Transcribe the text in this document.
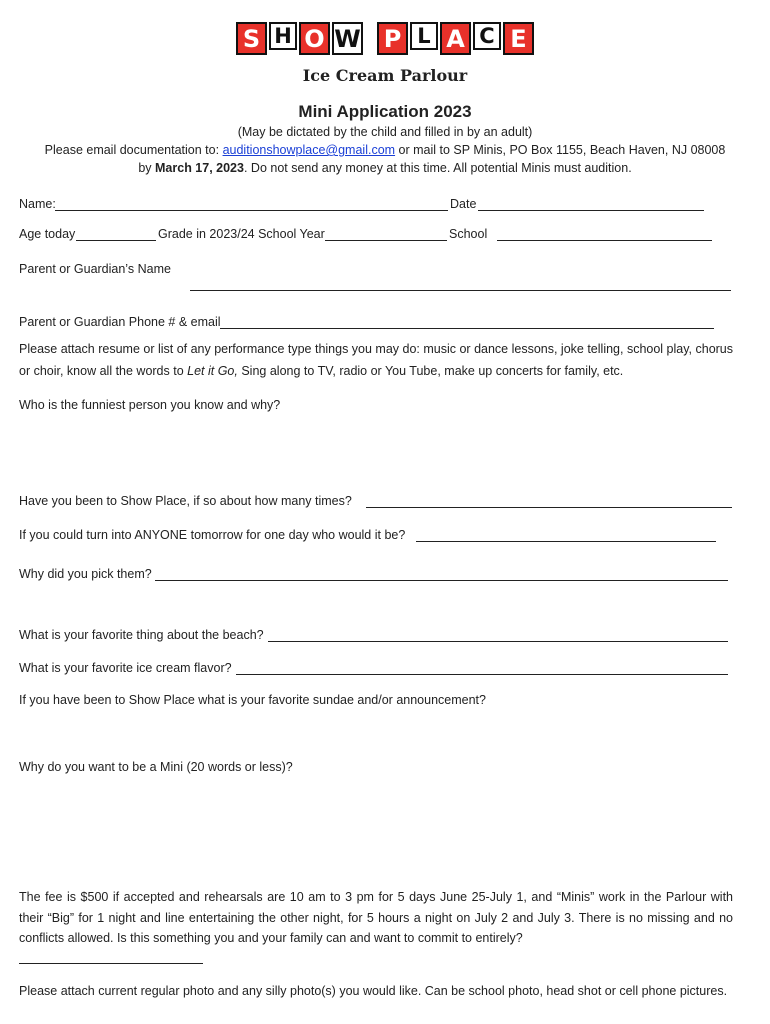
S H O W P L A C E
Ice Cream Parlour
Mini Application 2023
(May be dictated by the child and filled in by an adult)
Please email documentation to: auditionshowplace@gmail.com or mail to SP Minis, PO Box 1155, Beach Haven, NJ 08008
by March 17, 2023. Do not send any money at this time. All potential Minis must audition.
Name:	Date
Age today	Grade in 2023/24 School Year	School
Parent or Guardian’s Name
Parent or Guardian Phone # & email
Please attach resume or list of any performance type things you may do: music or dance lessons, joke telling, school play, chorus
or choir, know all the words to Let it Go, Sing along to TV, radio or You Tube, make up concerts for family, etc.
Who is the funniest person you know and why?
Have you been to Show Place, if so about how many times?
If you could turn into ANYONE tomorrow for one day who would it be?
Why did you pick them?
What is your favorite thing about the beach?
What is your favorite ice cream flavor?
If you have been to Show Place what is your favorite sundae and/or announcement?
Why do you want to be a Mini (20 words or less)?
The fee is $500 if accepted and rehearsals are 10 am to 3 pm for 5 days June 25-July 1, and “Minis” work in the Parlour with their “Big” for 1 night and line entertaining the other night, for 5 hours a night on July 2 and July 3. There is no missing and no conflicts allowed. Is this something you and your family can and want to commit to entirely?
Please attach current regular photo and any silly photo(s) you would like. Can be school photo, head shot or cell phone pictures.
